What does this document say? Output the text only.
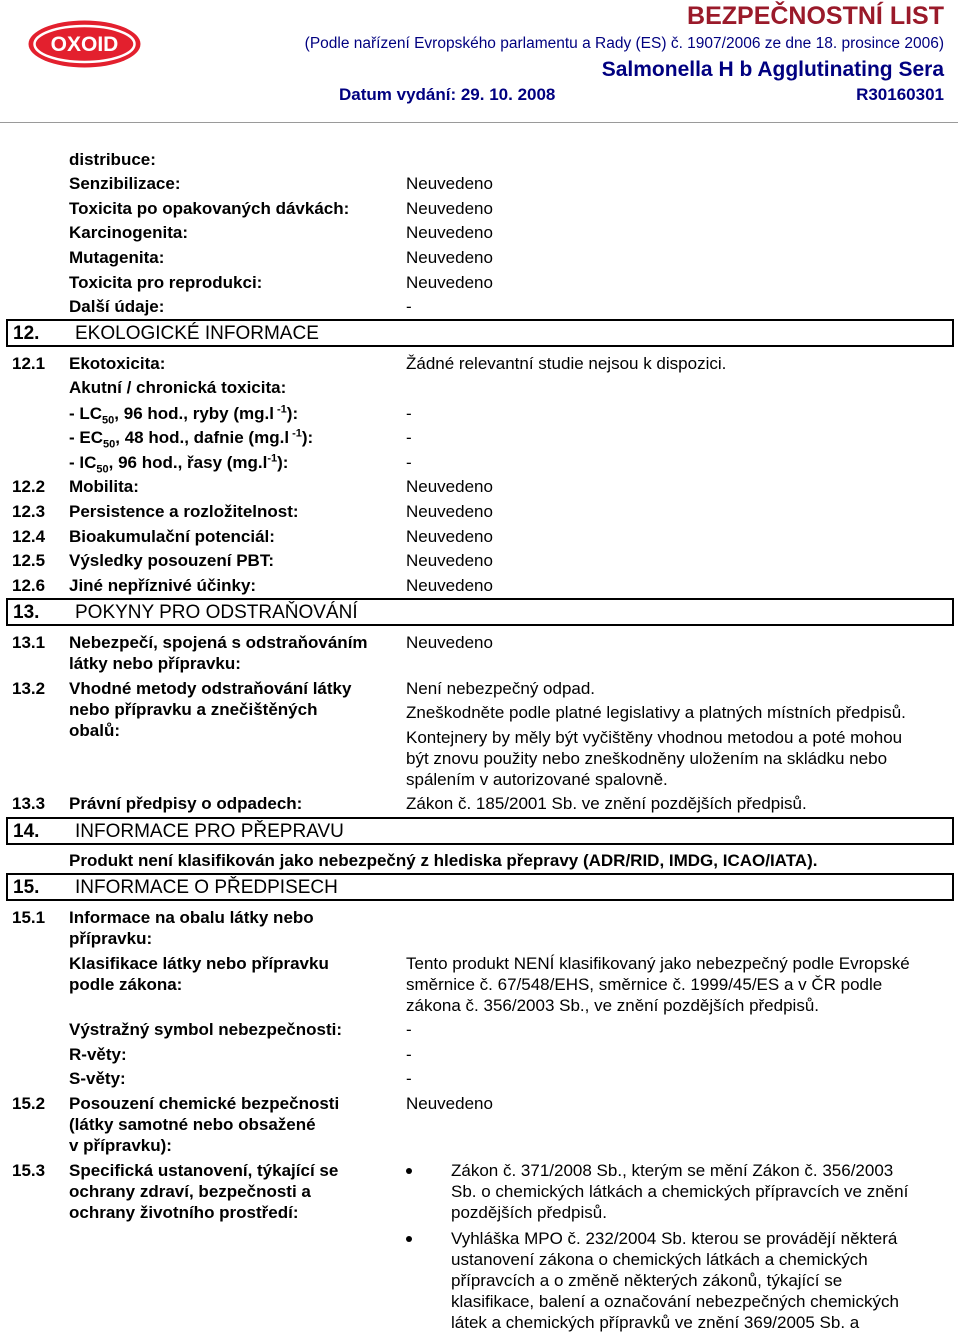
OXOID
BEZPEČNOSTNÍ LIST
(Podle nařízení Evropského parlamentu a Rady (ES) č. 1907/2006 ze dne 18. prosince 2006)
Salmonella H b Agglutinating Sera
Datum vydání: 29. 10. 2008	R30160301
distribuce:
Senzibilizace:	Neuvedeno
Toxicita po opakovaných dávkách:	Neuvedeno
Karcinogenita:	Neuvedeno
Mutagenita:	Neuvedeno
Toxicita pro reprodukci:	Neuvedeno
Další údaje:	-
12. EKOLOGICKÉ INFORMACE
12.1 Ekotoxicita:	Žádné relevantní studie nejsou k dispozici.
Akutní / chronická toxicita:
- $LC_{50}$, 96 hod., ryby (mg.l $^{-1}$):	-
- $EC_{50}$, 48 hod., dafnie (mg.l $^{-1}$):	-
- $IC_{50}$, 96 hod., řasy $(mg.l^{-1})$:	-
12.2 Mobilita:	Neuvedeno
12.3 Persistence a rozložitelnost:	Neuvedeno
12.4 Bioakumulační potenciál:	Neuvedeno
12.5 Výsledky posouzení PBT:	Neuvedeno
12.6 Jiné nepříznivé účinky:	Neuvedeno
13. POKYNY PRO ODSTRAŇOVÁNÍ
13.1 Nebezpečí, spojená s odstraňováním
látky nebo přípravku:
Neuvedeno
13.2 Vhodné metody odstraňování látky
nebo přípravku a znečištěných
obalů:
Není nebezpečný odpad.
Zneškodněte podle platné legislativy a platných místních předpisů.
Kontejnery by měly být vyčištěny vhodnou metodou a poté mohou
být znovu použity nebo zneškodněny uložením na skládku nebo
spálením v autorizované spalovně.
13.3 Právní předpisy o odpadech:	Zákon č. 185/2001 Sb. ve znění pozdějších předpisů.
14. INFORMACE PRO PŘEPRAVU
Produkt není klasifikován jako nebezpečný z hlediska přepravy (ADR/RID, IMDG, ICAO/IATA).
15. INFORMACE O PŘEDPISECH
15.1 Informace na obalu látky nebo
přípravku:
Klasifikace látky nebo přípravku
podle zákona:
Tento produkt NENÍ klasifikovaný jako nebezpečný podle Evropské
směrnice č. 67/548/EHS, směrnice č. 1999/45/ES a v ČR podle
zákona č. 356/2003 Sb., ve znění pozdějších předpisů.
Výstražný symbol nebezpečnosti:	-
R-věty:	-
S-věty:	-
15.2 Posouzení chemické bezpečnosti
(látky samotné nebo obsažené
v přípravku):
Neuvedeno
15.3 Specifická ustanovení, týkající se
ochrany zdraví, bezpečnosti a
ochrany životního prostředí:
Zákon č. 371/2008 Sb., kterým se mění Zákon č. 356/2003
Sb. o chemických látkách a chemických přípravcích ve znění
pozdějších předpisů.
Vyhláška MPO č. 232/2004 Sb. kterou se provádějí některá
ustanovení zákona o chemických látkách a chemických
přípravcích a o změně některých zákonů, týkající se
klasifikace, balení a označování nebezpečných chemických
látek a chemických přípravků ve znění 369/2005 Sb. a
